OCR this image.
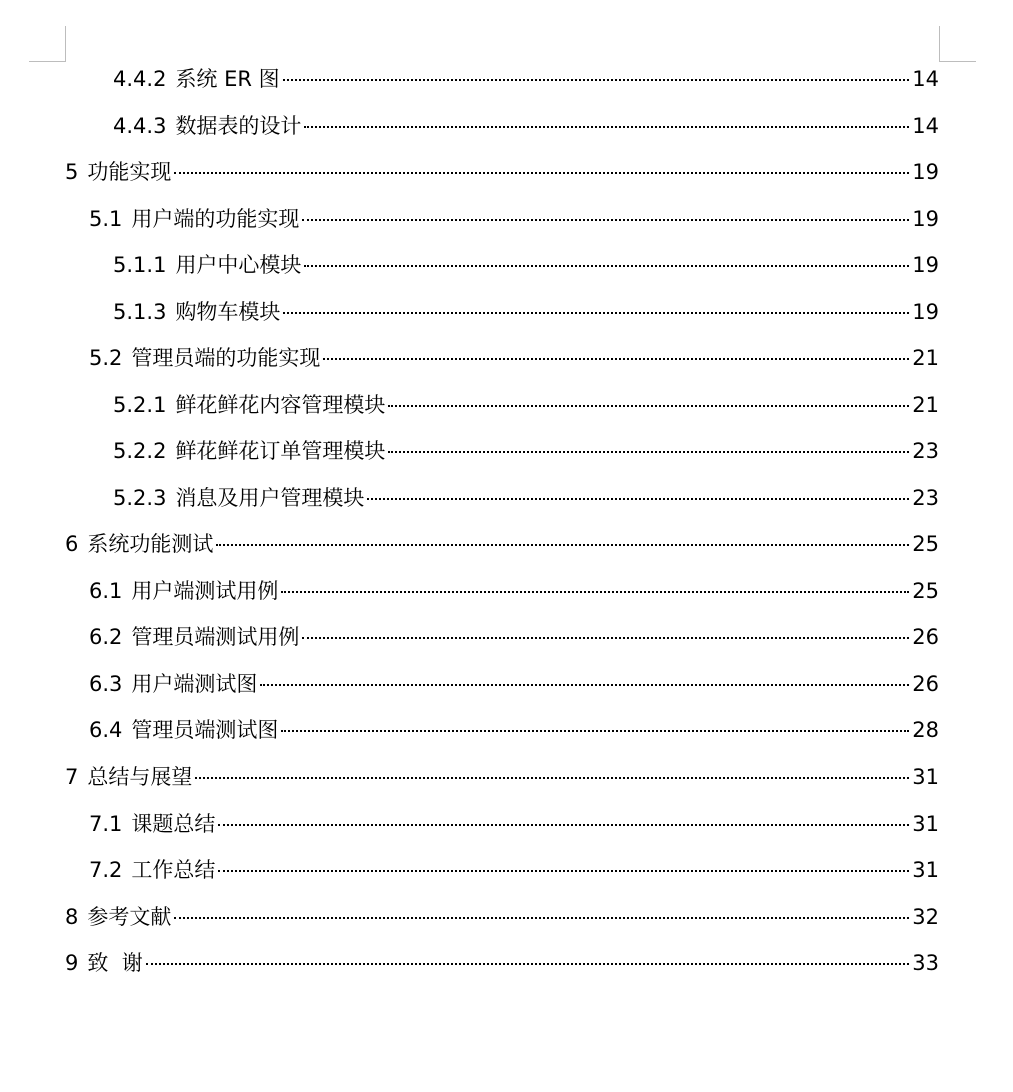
4.4.2 系统 ER 图	14
4.4.3 数据表的设计	14
5 功能实现	19
5.1 用户端的功能实现	19
5.1.1 用户中心模块	19
5.1.3 购物车模块	19
5.2 管理员端的功能实现	21
5.2.1 鲜花鲜花内容管理模块	21
5.2.2 鲜花鲜花订单管理模块	23
5.2.3 消息及用户管理模块	23
6 系统功能测试	25
6.1 用户端测试用例	25
6.2 管理员端测试用例	26
6.3 用户端测试图	26
6.4 管理员端测试图	28
7 总结与展望	31
7.1 课题总结	31
7.2 工作总结	31
8 参考文献	32
9 致  谢	33
